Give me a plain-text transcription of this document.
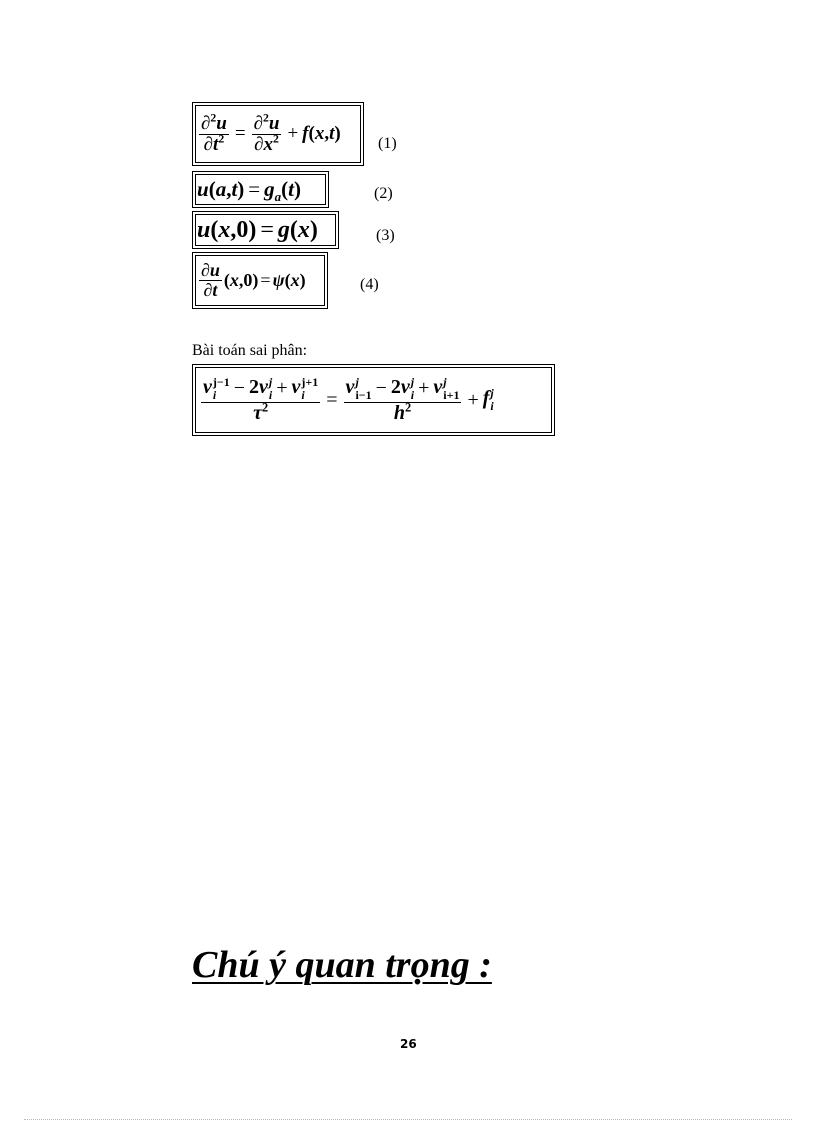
$\frac{\partial^2u}{\partial t^2} = \frac{\partial^2u}{\partial x^2} + f(x,t)$ (1)
$u(a,t) = g_a(t)$	(2)
u(x,0) = g(x)	(3)
$\frac{\partial u}{\partial t} (x,0) = \psi(x)$	(4)
Bài toán sai phân:
v j−1
i − 2v j
i + v j+1
i
$\tau^2 = v$ j
i−1 − 2v j
i + v j
i+1
$h^2 + f$ j
i
Chú ý quan trọng :
26
